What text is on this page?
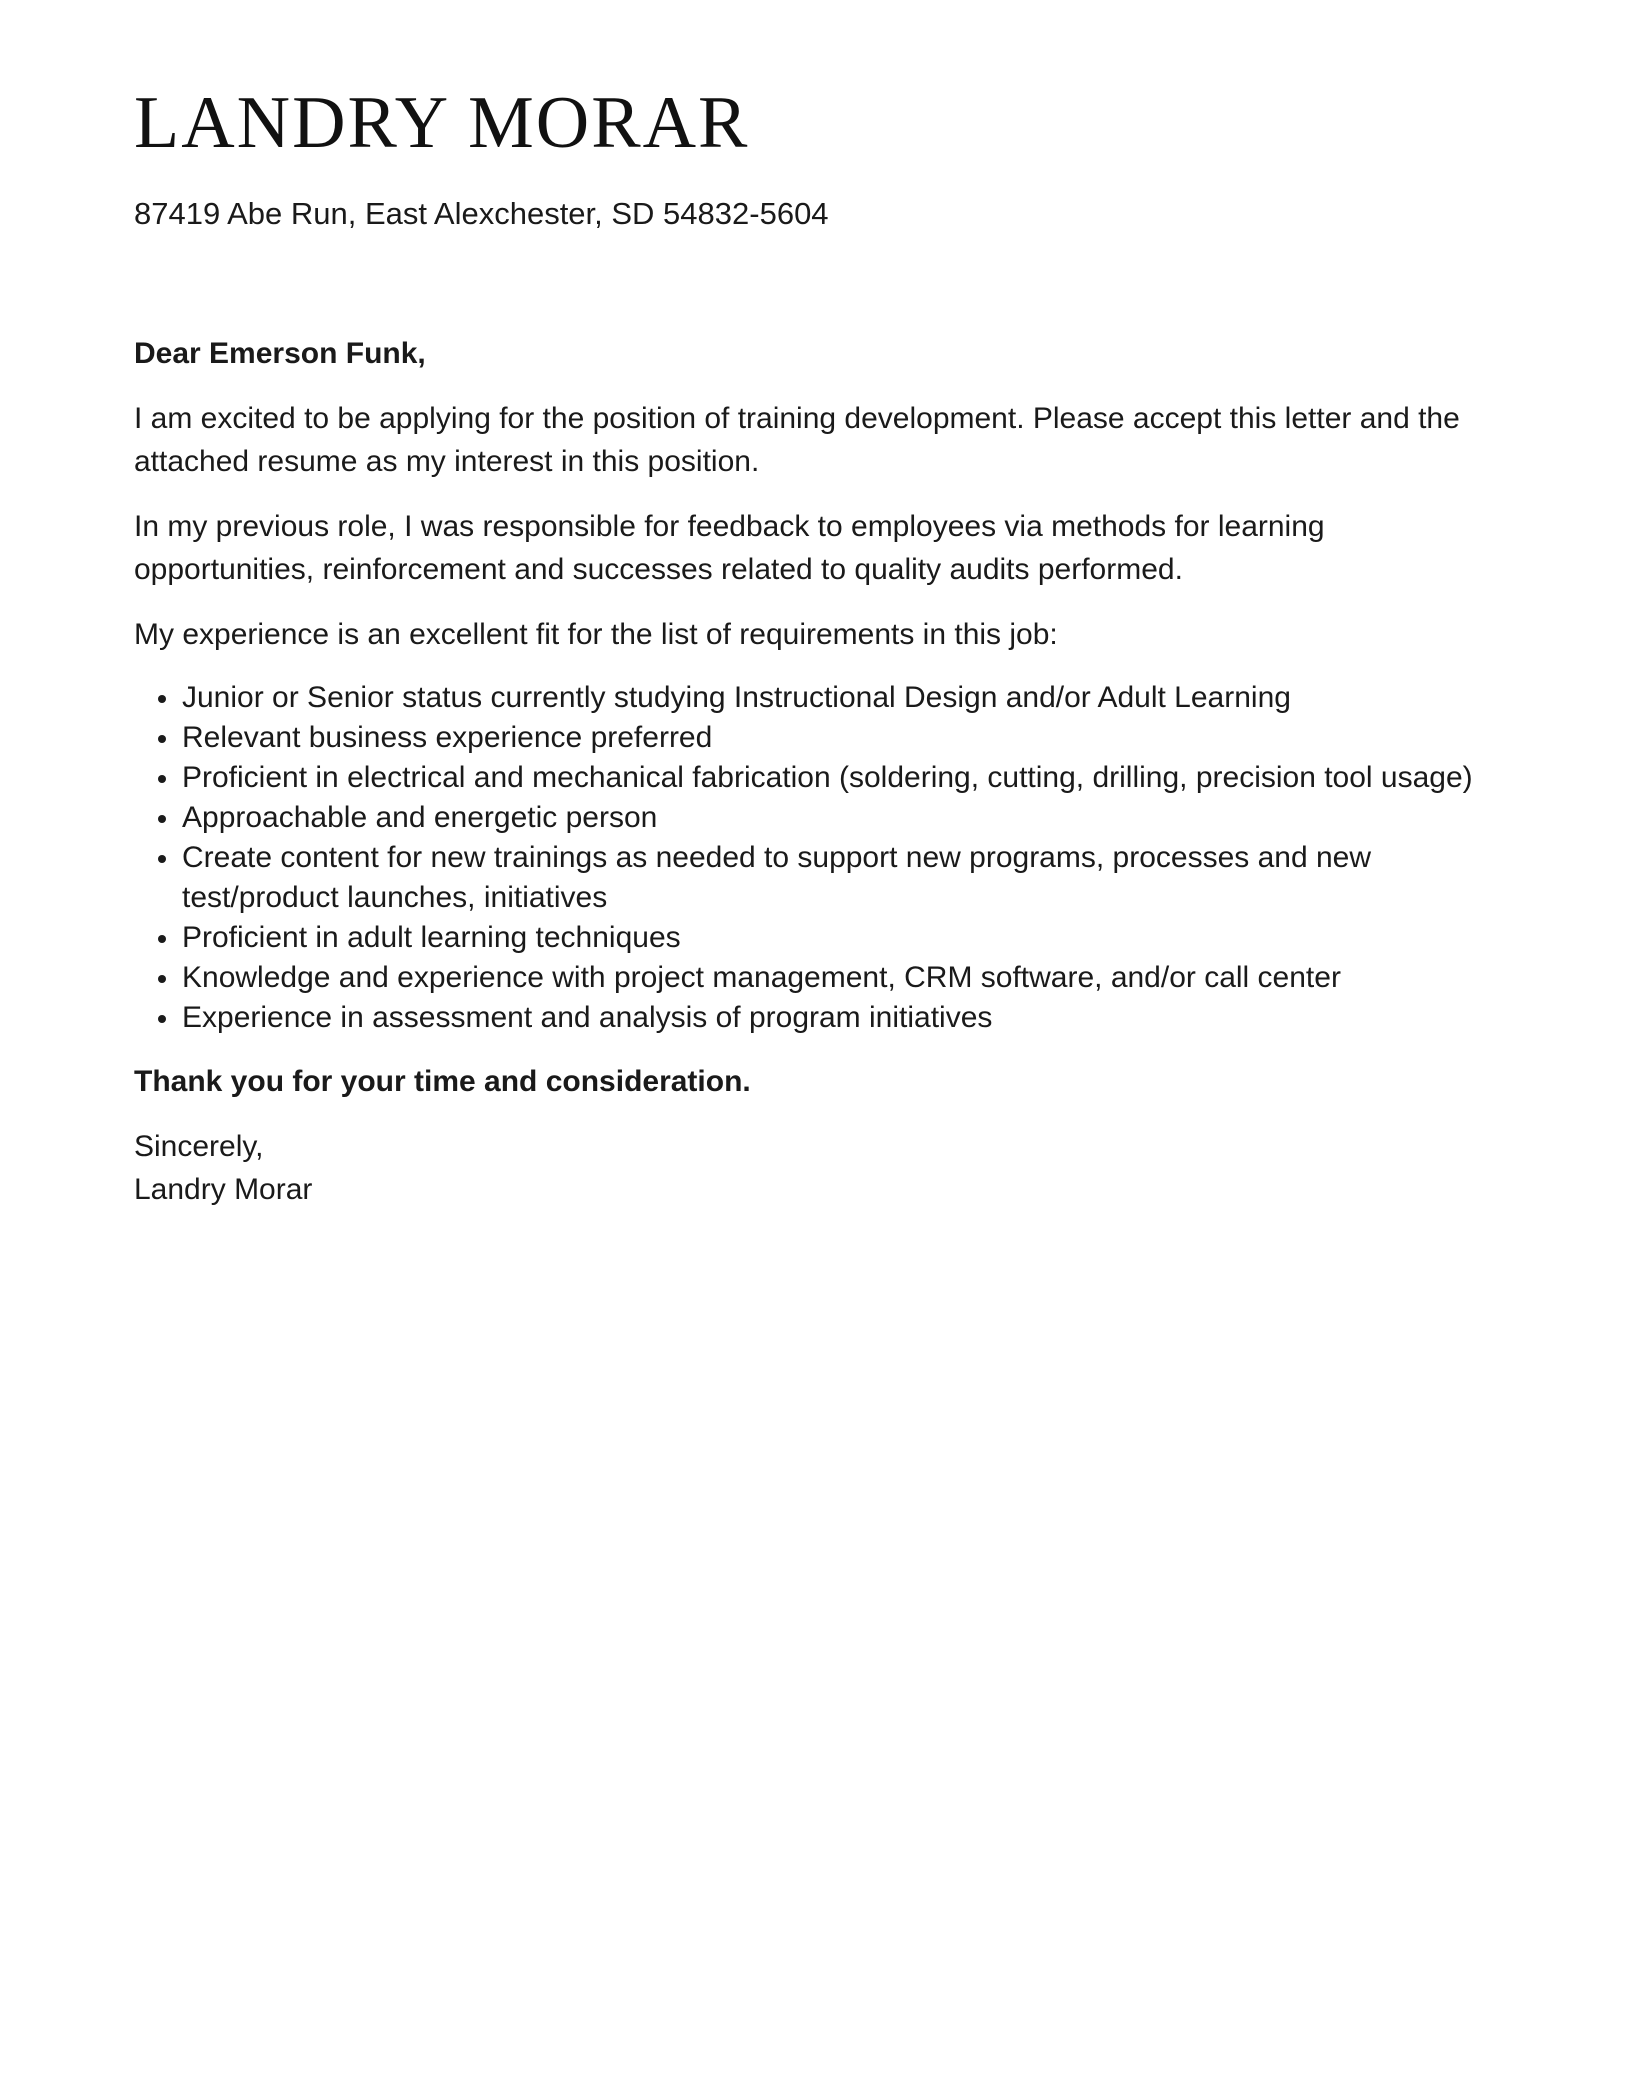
LANDRY MORAR

87419 Abe Run, East Alexchester, SD 54832-5604

Dear Emerson Funk,

I am excited to be applying for the position of training development. Please accept this letter and the attached resume as my interest in this position.

In my previous role, I was responsible for feedback to employees via methods for learning opportunities, reinforcement and successes related to quality audits performed.

My experience is an excellent fit for the list of requirements in this job:

Junior or Senior status currently studying Instructional Design and/or Adult Learning
Relevant business experience preferred
Proficient in electrical and mechanical fabrication (soldering, cutting, drilling, precision tool usage)
Approachable and energetic person
Create content for new trainings as needed to support new programs, processes and new test/product launches, initiatives
Proficient in adult learning techniques
Knowledge and experience with project management, CRM software, and/or call center
Experience in assessment and analysis of program initiatives

Thank you for your time and consideration.

Sincerely,

Landry Morar
